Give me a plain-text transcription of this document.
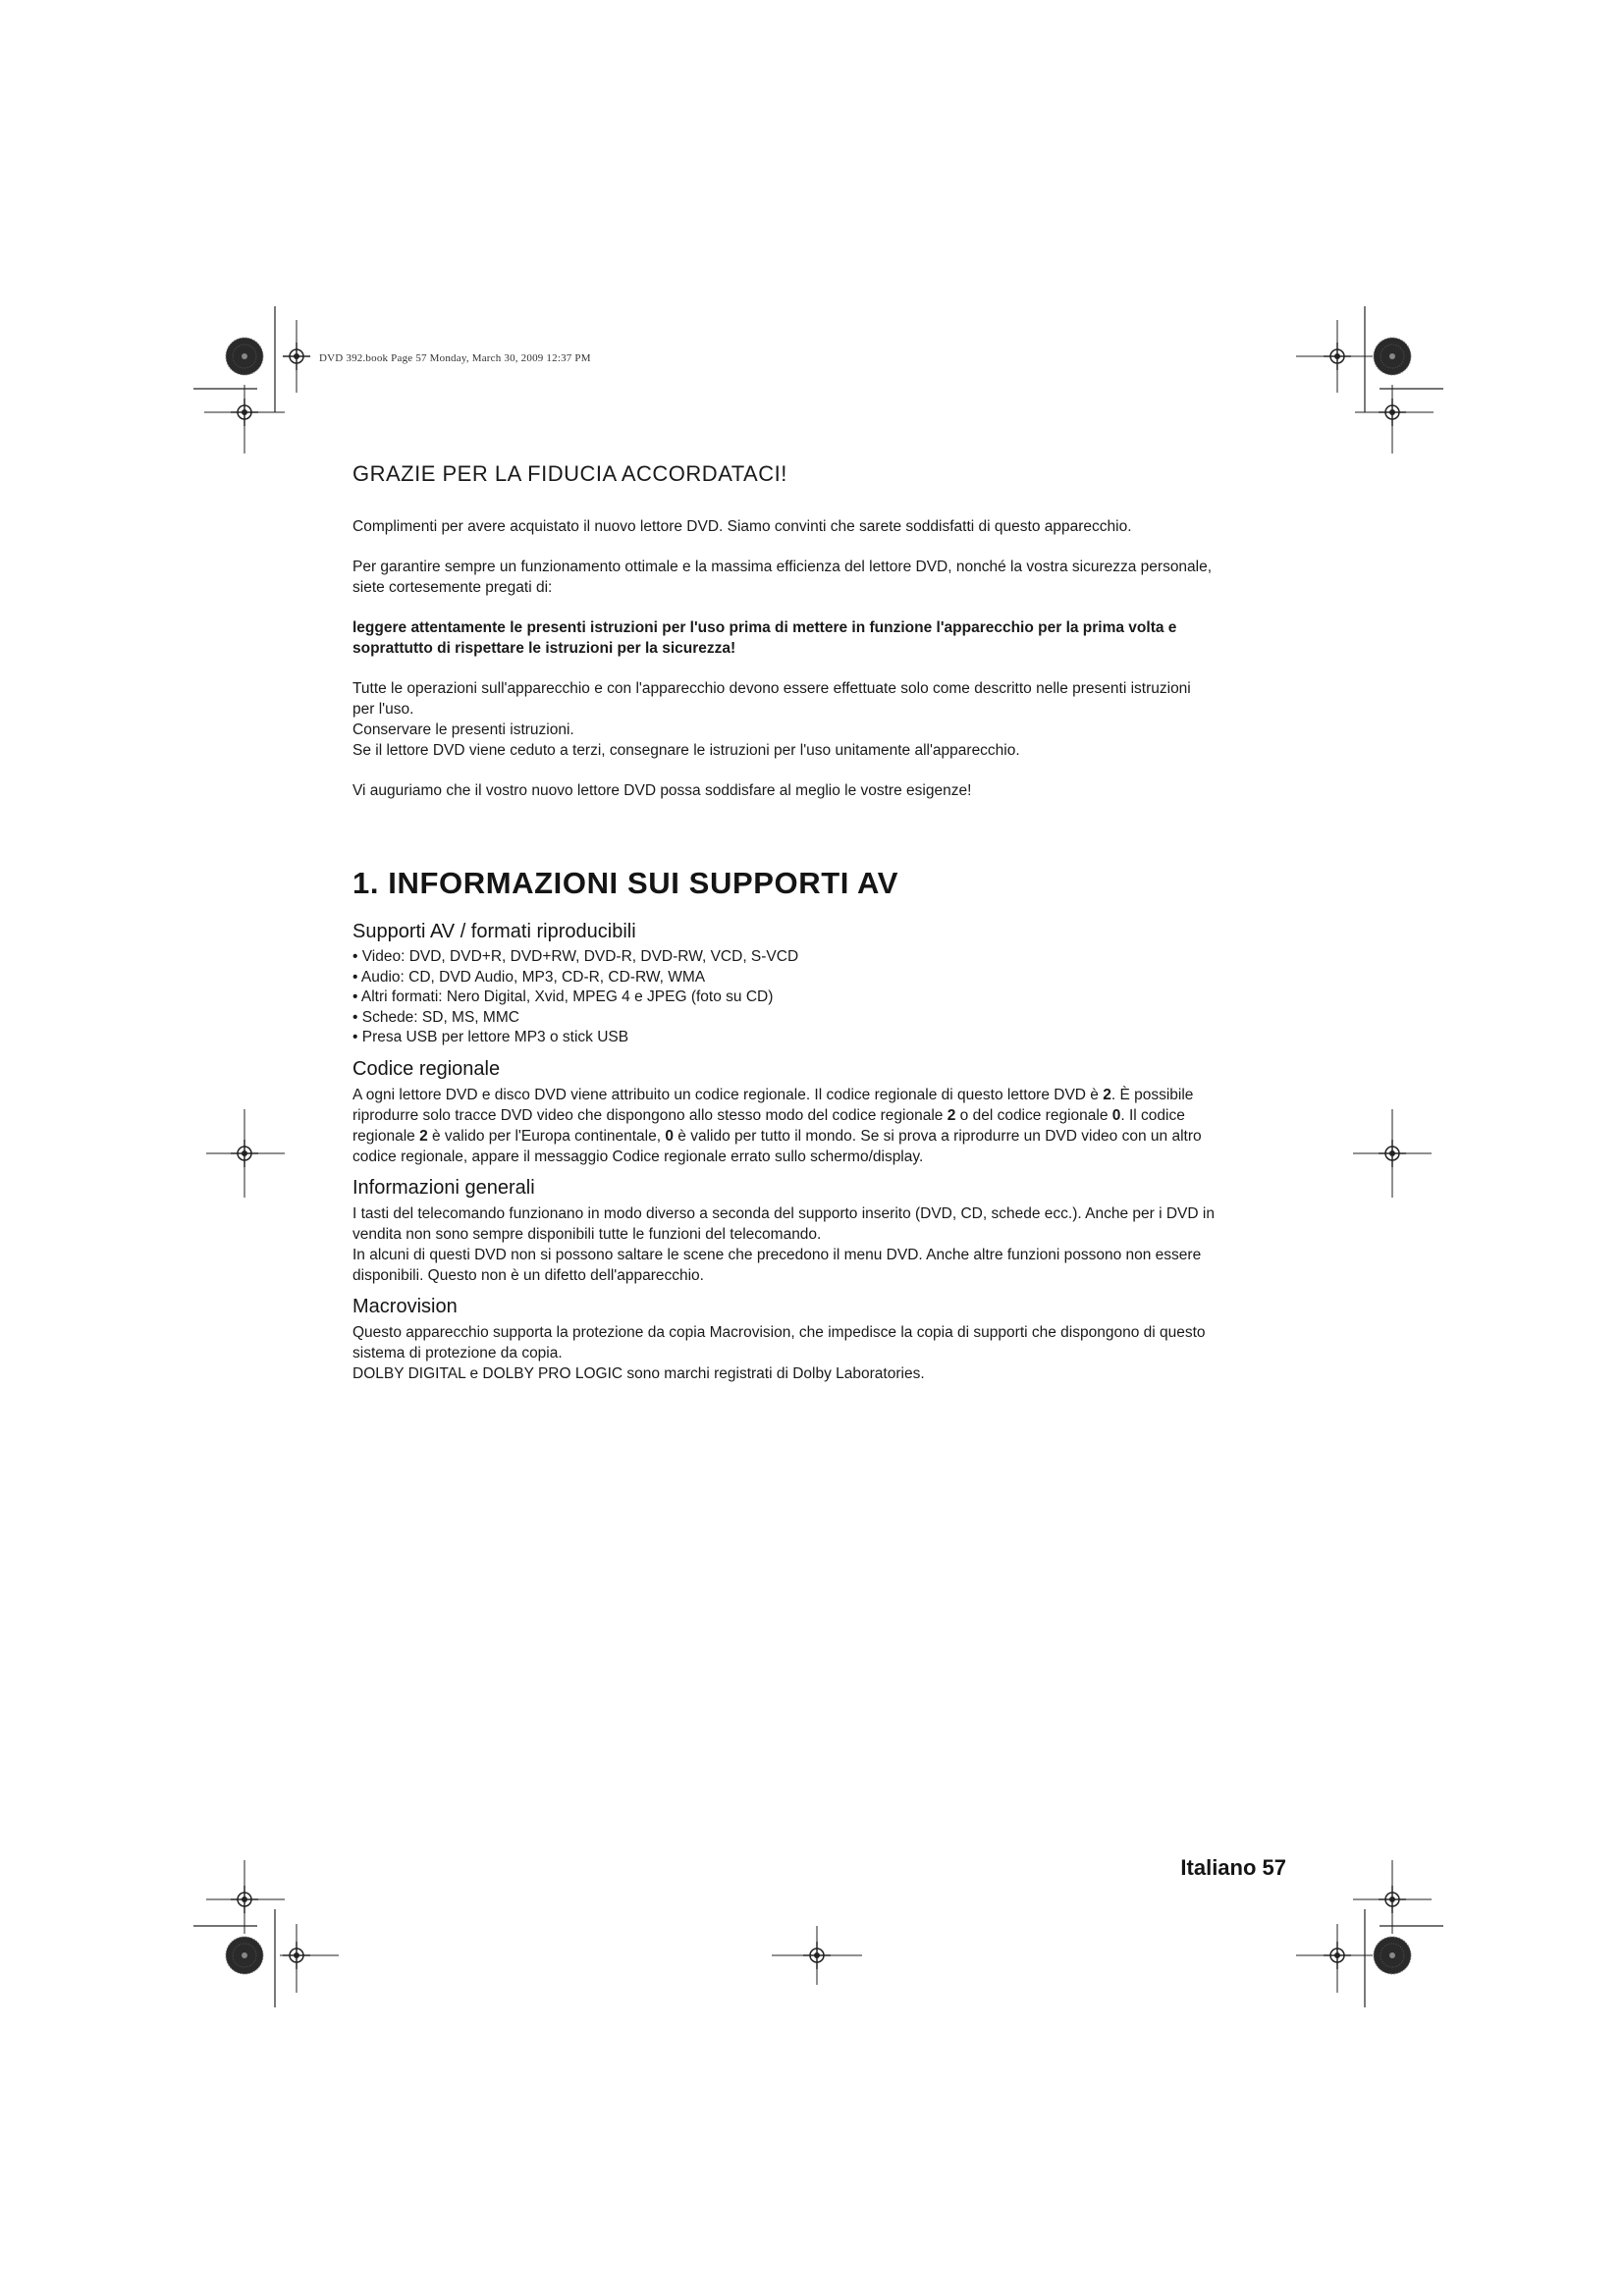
DVD 392.book Page 57 Monday, March 30, 2009 12:37 PM
GRAZIE PER LA FIDUCIA ACCORDATACI!

Complimenti per avere acquistato il nuovo lettore DVD. Siamo convinti che sarete soddisfatti di questo apparecchio.

Per garantire sempre un funzionamento ottimale e la massima efficienza del lettore DVD, nonché la vostra sicurezza personale,

siete cortesemente pregati di:

leggere attentamente le presenti istruzioni per l'uso prima di mettere in funzione l'apparecchio per la prima volta e

soprattutto di rispettare le istruzioni per la sicurezza!

Tutte le operazioni sull'apparecchio e con l'apparecchio devono essere effettuate solo come descritto nelle presenti istruzioni

per l'uso.

Conservare le presenti istruzioni.

Se il lettore DVD viene ceduto a terzi, consegnare le istruzioni per l'uso unitamente all'apparecchio.

Vi auguriamo che il vostro nuovo lettore DVD possa soddisfare al meglio le vostre esigenze!

1. INFORMAZIONI SUI SUPPORTI AV
Supporti AV / formati riproducibili
• Video: DVD, DVD+R, DVD+RW, DVD-R, DVD-RW, VCD, S-VCD
• Audio: CD, DVD Audio, MP3, CD-R, CD-RW, WMA
• Altri formati: Nero Digital, Xvid, MPEG 4 e JPEG (foto su CD)
• Schede: SD, MS, MMC
• Presa USB per lettore MP3 o stick USB
Codice regionale

A ogni lettore DVD e disco DVD viene attribuito un codice regionale. Il codice regionale di questo lettore DVD è 2. È possibile

riprodurre solo tracce DVD video che dispongono allo stesso modo del codice regionale 2 o del codice regionale 0. Il codice

regionale 2 è valido per l'Europa continentale, 0 è valido per tutto il mondo. Se si prova a riprodurre un DVD video con un altro

codice regionale, appare il messaggio Codice regionale errato sullo schermo/display.

Informazioni generali

I tasti del telecomando funzionano in modo diverso a seconda del supporto inserito (DVD, CD, schede ecc.). Anche per i DVD in

vendita non sono sempre disponibili tutte le funzioni del telecomando.

In alcuni di questi DVD non si possono saltare le scene che precedono il menu DVD. Anche altre funzioni possono non essere

disponibili. Questo non è un difetto dell'apparecchio.

Macrovision

Questo apparecchio supporta la protezione da copia Macrovision, che impedisce la copia di supporti che dispongono di questo

sistema di protezione da copia.

DOLBY DIGITAL e DOLBY PRO LOGIC sono marchi registrati di Dolby Laboratories.

Italiano 57
